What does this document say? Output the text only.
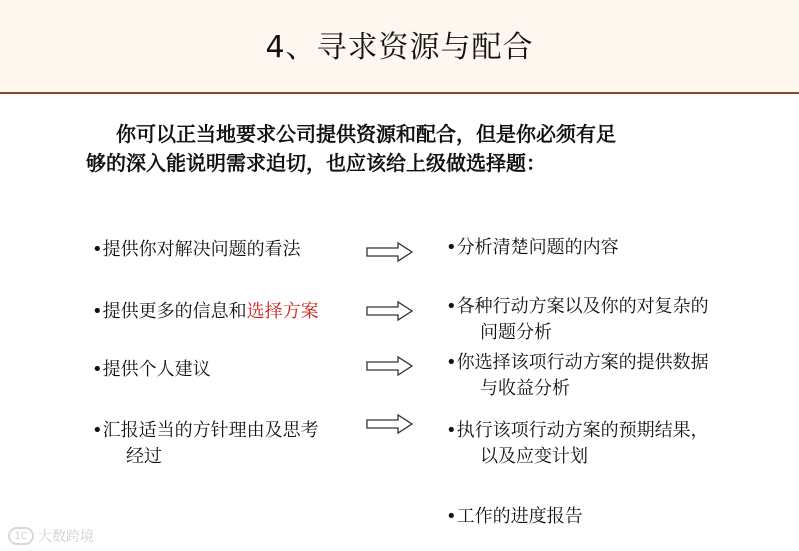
4、寻求资源与配合
你可以正当地要求公司提供资源和配合，但是你必须有足
够的深入能说明需求迫切，也应该给上级做选择题：
•提供你对解决问题的看法
•提供更多的信息和选择方案
•提供个人建议
•汇报适当的方针理由及思考
经过
•分析清楚问题的内容
•各种行动方案以及你的对复杂的
问题分析
•你选择该项行动方案的提供数据
与收益分析
•执行该项行动方案的预期结果，
以及应变计划
•工作的进度报告
1C 大数跨境
